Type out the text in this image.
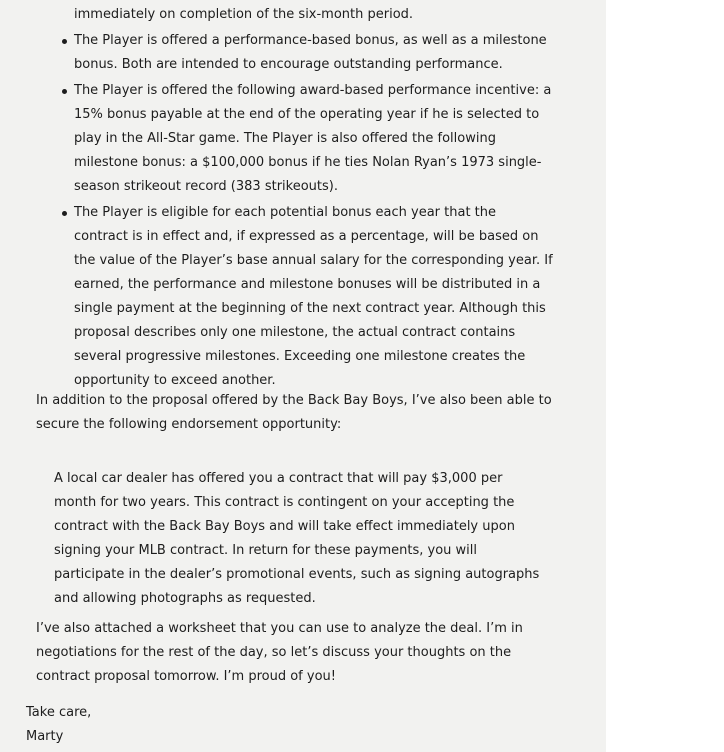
immediately on completion of the six-month period.

The Player is offered a performance-based bonus, as well as a milestone bonus. Both are intended to encourage outstanding performance.
The Player is offered the following award-based performance incentive: a 15% bonus payable at the end of the operating year if he is selected to play in the All-Star game. The Player is also offered the following milestone bonus: a $100,000 bonus if he ties Nolan Ryan’s 1973 single-season strikeout record (383 strikeouts).
The Player is eligible for each potential bonus each year that the contract is in effect and, if expressed as a percentage, will be based on the value of the Player’s base annual salary for the corresponding year. If earned, the performance and milestone bonuses will be distributed in a single payment at the beginning of the next contract year. Although this proposal describes only one milestone, the actual contract contains several progressive milestones. Exceeding one milestone creates the opportunity to exceed another.

In addition to the proposal offered by the Back Bay Boys, I’ve also been able to secure the following endorsement opportunity:

A local car dealer has offered you a contract that will pay $3,000 per month for two years. This contract is contingent on your accepting the contract with the Back Bay Boys and will take effect immediately upon signing your MLB contract. In return for these payments, you will participate in the dealer’s promotional events, such as signing autographs and allowing photographs as requested.

I’ve also attached a worksheet that you can use to analyze the deal. I’m in negotiations for the rest of the day, so let’s discuss your thoughts on the contract proposal tomorrow. I’m proud of you!

Take care,

Marty
